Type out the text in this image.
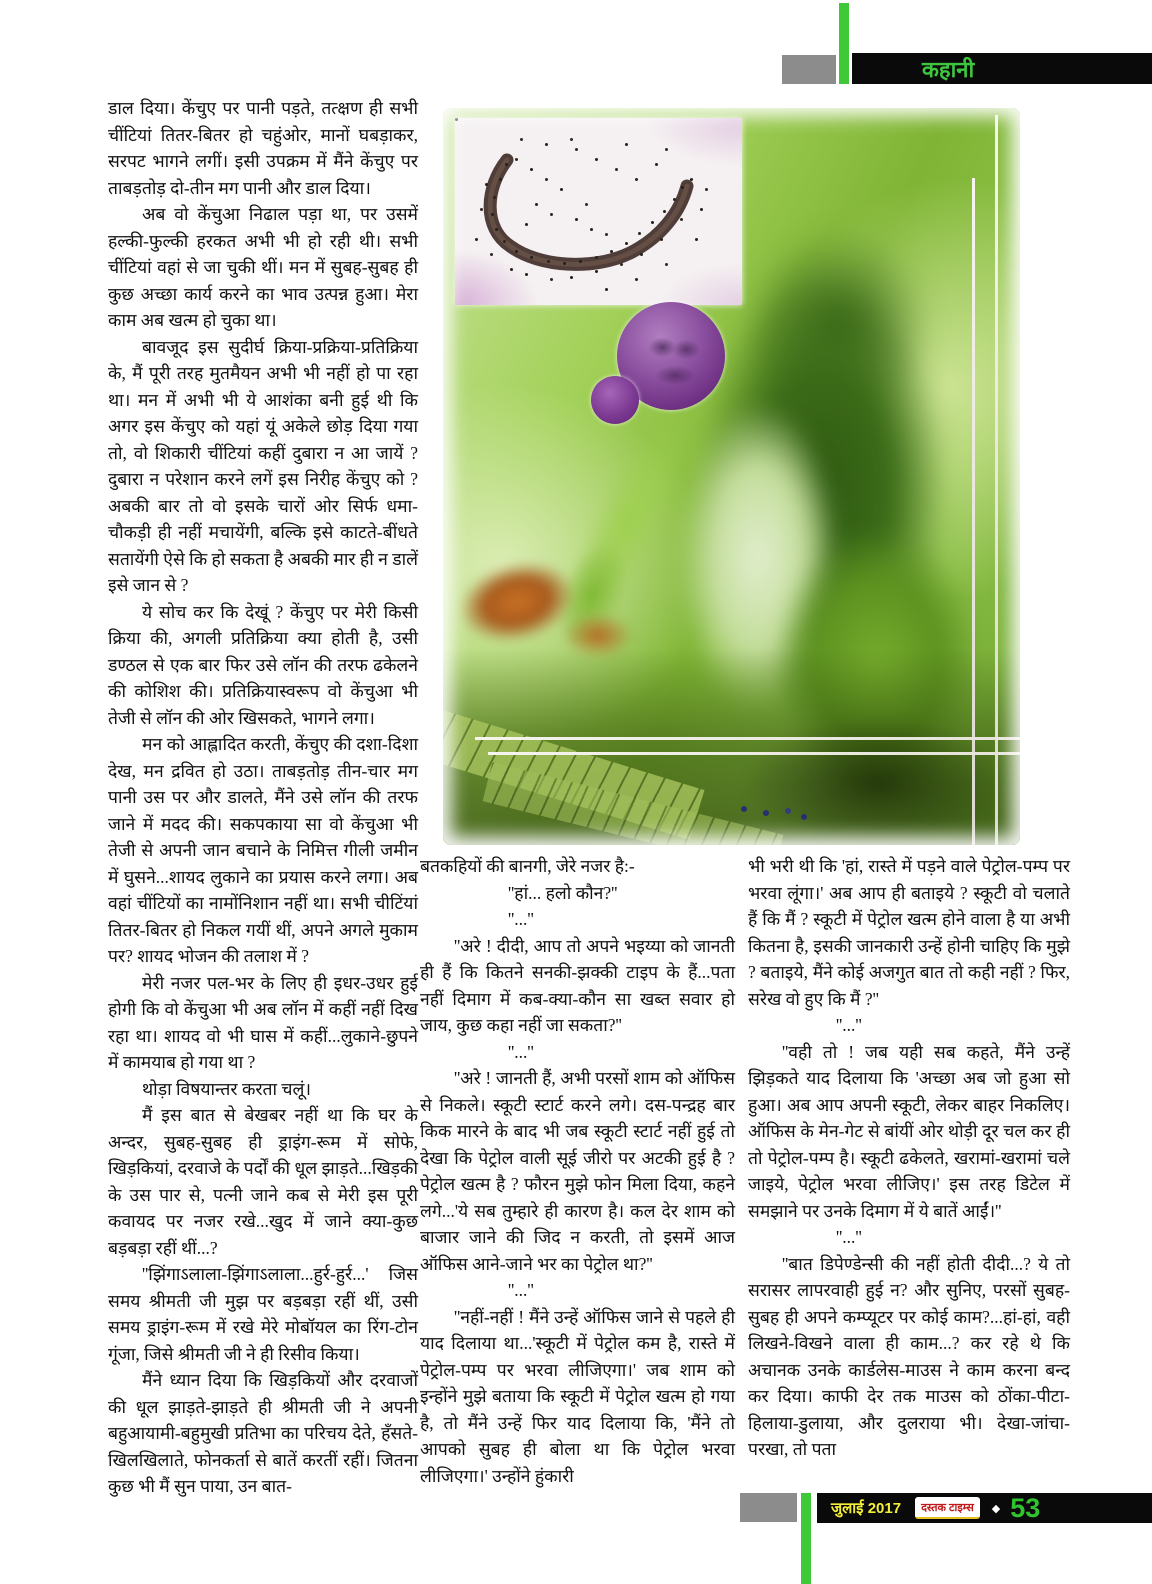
कहानी

डाल दिया। केंचुए पर पानी पड़ते, तत्क्षण ही सभी चींटियां तितर-बितर हो चहुंओर, मानों घबड़ाकर, सरपट भागने लगीं। इसी उपक्रम में मैंने केंचुए पर ताबड़तोड़ दो-तीन मग पानी और डाल दिया।

अब वो केंचुआ निढाल पड़ा था, पर उसमें हल्की-फुल्की हरकत अभी भी हो रही थी। सभी चींटियां वहां से जा चुकी थीं। मन में सुबह-सुबह ही कुछ अच्छा कार्य करने का भाव उत्पन्न हुआ। मेरा काम अब खत्म हो चुका था।

बावजूद इस सुदीर्घ क्रिया-प्रक्रिया-प्रतिक्रिया के, मैं पूरी तरह मुतमैयन अभी भी नहीं हो पा रहा था। मन में अभी भी ये आशंका बनी हुई थी कि अगर इस केंचुए को यहां यूं अकेले छोड़ दिया गया तो, वो शिकारी चींटियां कहीं दुबारा न आ जायें ? दुबारा न परेशान करने लगें इस निरीह केंचुए को ? अबकी बार तो वो इसके चारों ओर सिर्फ धमा-चौकड़ी ही नहीं मचायेंगी, बल्कि इसे काटते-बींधते सतायेंगी ऐसे कि हो सकता है अबकी मार ही न डालें इसे जान से ?

ये सोच कर कि देखूं ? केंचुए पर मेरी किसी क्रिया की, अगली प्रतिक्रिया क्या होती है, उसी डण्ठल से एक बार फिर उसे लॉन की तरफ ढकेलने की कोशिश की। प्रतिक्रियास्वरूप वो केंचुआ भी तेजी से लॉन की ओर खिसकते, भागने लगा।

मन को आह्लादित करती, केंचुए की दशा-दिशा देख, मन द्रवित हो उठा। ताबड़तोड़ तीन-चार मग पानी उस पर और डालते, मैंने उसे लॉन की तरफ जाने में मदद की। सकपकाया सा वो केंचुआ भी तेजी से अपनी जान बचाने के निमित्त गीली जमीन में घुसने...शायद लुकाने का प्रयास करने लगा। अब वहां चींटियों का नामोंनिशान नहीं था। सभी चीटिंयां तितर-बितर हो निकल गयीं थीं, अपने अगले मुकाम पर? शायद भोजन की तलाश में ?

मेरी नजर पल-भर के लिए ही इधर-उधर हुई होगी कि वो केंचुआ भी अब लॉन में कहीं नहीं दिख रहा था। शायद वो भी घास में कहीं...लुकाने-छुपने में कामयाब हो गया था ?

थोड़ा विषयान्तर करता चलूं।

मैं इस बात से बेखबर नहीं था कि घर के अन्दर, सुबह-सुबह ही ड्राइंग-रूम में सोफे, खिड़कियां, दरवाजे के पर्दों की धूल झाड़ते...खिड़की के उस पार से, पत्नी जाने कब से मेरी इस पूरी कवायद पर नजर रखे...खुद में जाने क्या-कुछ बड़बड़ा रहीं थीं...?

''झिंगाऽलाला-झिंगाऽलाला...हुर्र-हुर्र...' जिस समय श्रीमती जी मुझ पर बड़बड़ा रहीं थीं, उसी समय ड्राइंग-रूम में रखे मेरे मोबॉयल का रिंग-टोन गूंजा, जिसे श्रीमती जी ने ही रिसीव किया।

मैंने ध्यान दिया कि खिड़कियों और दरवाजों की धूल झाड़ते-झाड़ते ही श्रीमती जी ने अपनी बहुआयामी-बहुमुखी प्रतिभा का परिचय देते, हँसते-खिलखिलाते, फोनकर्ता से बातें करतीं रहीं। जितना कुछ भी मैं सुन पाया, उन बात-

बतकहियों की बानगी, जेरे नजर है:-

''हां... हलो कौन?''

''...''

''अरे ! दीदी, आप तो अपने भइय्या को जानती ही हैं कि कितने सनकी-झक्की टाइप के हैं...पता नहीं दिमाग में कब-क्या-कौन सा खब्त सवार हो जाय, कुछ कहा नहीं जा सकता?''

''...''

''अरे ! जानती हैं, अभी परसों शाम को ऑफिस से निकले। स्कूटी स्टार्ट करने लगे। दस-पन्द्रह बार किक मारने के बाद भी जब स्कूटी स्टार्ट नहीं हुई तो देखा कि पेट्रोल वाली सूई जीरो पर अटकी हुई है ? पेट्रोल खत्म है ? फौरन मुझे फोन मिला दिया, कहने लगे...'ये सब तुम्हारे ही कारण है। कल देर शाम को बाजार जाने की जिद न करती, तो इसमें आज ऑफिस आने-जाने भर का पेट्रोल था?''

''...''

''नहीं-नहीं ! मैंने उन्हें ऑफिस जाने से पहले ही याद दिलाया था...'स्कूटी में पेट्रोल कम है, रास्ते में पेट्रोल-पम्प पर भरवा लीजिएगा।' जब शाम को इन्होंने मुझे बताया कि स्कूटी में पेट्रोल खत्म हो गया है, तो मैंने उन्हें फिर याद दिलाया कि, 'मैंने तो आपको सुबह ही बोला था कि पेट्रोल भरवा लीजिएगा।' उन्होंने हुंकारी

भी भरी थी कि 'हां, रास्ते में पड़ने वाले पेट्रोल-पम्प पर भरवा लूंगा।' अब आप ही बताइये ? स्कूटी वो चलाते हैं कि मैं ? स्कूटी में पेट्रोल खत्म होने वाला है या अभी कितना है, इसकी जानकारी उन्हें होनी चाहिए कि मुझे ? बताइये, मैंने कोई अजगुत बात तो कही नहीं ? फिर, सरेख वो हुए कि मैं ?''

''...''

''वही तो ! जब यही सब कहते, मैंने उन्हें झिड़कते याद दिलाया कि 'अच्छा अब जो हुआ सो हुआ। अब आप अपनी स्कूटी, लेकर बाहर निकलिए। ऑफिस के मेन-गेट से बांयीं ओर थोड़ी दूर चल कर ही तो पेट्रोल-पम्प है। स्कूटी ढकेलते, खरामां-खरामां चले जाइये, पेट्रोल भरवा लीजिए।' इस तरह डिटेल में समझाने पर उनके दिमाग में ये बातें आईं।''

''...''

''बात डिपेण्डेन्सी की नहीं होती दीदी...? ये तो सरासर लापरवाही हुई न? और सुनिए, परसों सुबह-सुबह ही अपने कम्प्यूटर पर कोई काम?...हां-हां, वही लिखने-विखने वाला ही काम...? कर रहे थे कि अचानक उनके कार्डलेस-माउस ने काम करना बन्द कर दिया। काफी देर तक माउस को ठोंका-पीटा-हिलाया-डुलाया, और दुलराया भी। देखा-जांचा-परखा, तो पता

जुलाई 2017 दस्तक टाइम्स ◆ 53
